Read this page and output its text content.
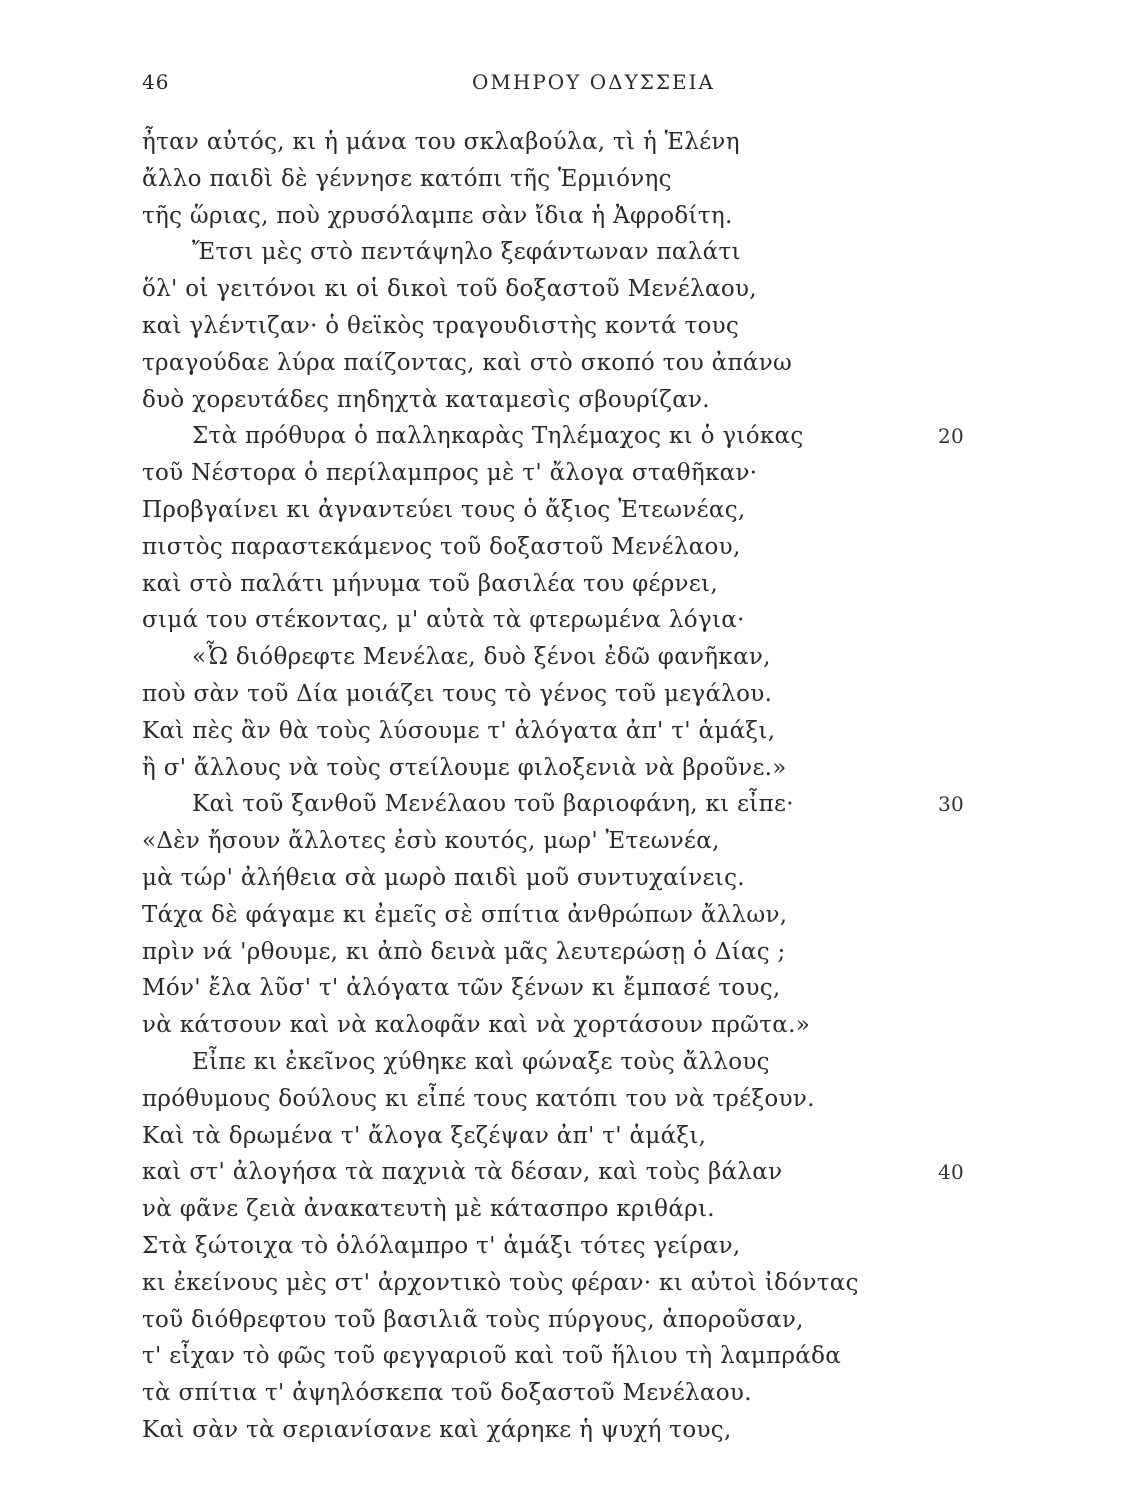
46	ΟΜΗΡΟΥ ΟΔΥΣΣΕΙΑ
ἦταν αὐτός, κι ἡ μάνα του σκλαβούλα, τὶ ἡ Ἑλένη
ἄλλο παιδὶ δὲ γέννησε κατόπι τῆς Ἑρμιόνης
τῆς ὥριας, ποὺ χρυσόλαμπε σὰν ἴδια ἡ Ἀφροδίτη.
Ἔτσι μὲς στὸ πεντάψηλο ξεφάντωναν παλάτι
ὅλ' οἱ γειτόνοι κι οἱ δικοὶ τοῦ δοξαστοῦ Μενέλαου,
καὶ γλέντιζαν· ὁ θεϊκὸς τραγουδιστὴς κοντά τους
τραγούδαε λύρα παίζοντας, καὶ στὸ σκοπό του ἀπάνω
δυὸ χορευτάδες πηδηχτὰ καταμεσὶς σβουρίζαν.
Στὰ πρόθυρα ὁ παλληκαρὰς Τηλέμαχος κι ὁ γιόκας	20
τοῦ Νέστορα ὁ περίλαμπρος μὲ τ' ἄλογα σταθῆκαν·
Προβγαίνει κι ἀγναντεύει τους ὁ ἄξιος Ἐτεωνέας,
πιστὸς παραστεκάμενος τοῦ δοξαστοῦ Μενέλαου,
καὶ στὸ παλάτι μήνυμα τοῦ βασιλέα του φέρνει,
σιμά του στέκοντας, μ' αὐτὰ τὰ φτερωμένα λόγια·
«Ὦ διόθρεφτε Μενέλαε, δυὸ ξένοι ἐδῶ φανῆκαν,
ποὺ σὰν τοῦ Δία μοιάζει τους τὸ γένος τοῦ μεγάλου.
Καὶ πὲς ἂν θὰ τοὺς λύσουμε τ' ἀλόγατα ἀπ' τ' ἁμάξι,
ἢ σ' ἄλλους νὰ τοὺς στείλουμε φιλοξενιὰ νὰ βροῦνε.»
Καὶ τοῦ ξανθοῦ Μενέλαου τοῦ βαριοφάνη, κι εἶπε·	30
«Δὲν ἤσουν ἄλλοτες ἐσὺ κουτός, μωρ' Ἐτεωνέα,
μὰ τώρ' ἀλήθεια σὰ μωρὸ παιδὶ μοῦ συντυχαίνεις.
Τάχα δὲ φάγαμε κι ἐμεῖς σὲ σπίτια ἀνθρώπων ἄλλων,
πρὶν νά 'ρθουμε, κι ἀπὸ δεινὰ μᾶς λευτερώσῃ ὁ Δίας ;
Μόν' ἔλα λῦσ' τ' ἀλόγατα τῶν ξένων κι ἔμπασέ τους,
νὰ κάτσουν καὶ νὰ καλοφᾶν καὶ νὰ χορτάσουν πρῶτα.»
Εἶπε κι ἐκεῖνος χύθηκε καὶ φώναξε τοὺς ἄλλους
πρόθυμους δούλους κι εἶπέ τους κατόπι του νὰ τρέξουν.
Καὶ τὰ δρωμένα τ' ἄλογα ξεζέψαν ἀπ' τ' ἁμάξι,
καὶ στ' ἀλογήσα τὰ παχνιὰ τὰ δέσαν, καὶ τοὺς βάλαν	40
νὰ φᾶνε ζειὰ ἀνακατευτὴ μὲ κάτασπρο κριθάρι.
Στὰ ξώτοιχα τὸ ὁλόλαμπρο τ' ἁμάξι τότες γείραν,
κι ἐκείνους μὲς στ' ἀρχοντικὸ τοὺς φέραν· κι αὐτοὶ ἰδόντας
τοῦ διόθρεφτου τοῦ βασιλιᾶ τοὺς πύργους, ἀποροῦσαν,
τ' εἶχαν τὸ φῶς τοῦ φεγγαριοῦ καὶ τοῦ ἥλιου τὴ λαμπράδα
τὰ σπίτια τ' ἀψηλόσκεπα τοῦ δοξαστοῦ Μενέλαου.
Καὶ σὰν τὰ σεριανίσανε καὶ χάρηκε ἡ ψυχή τους,
